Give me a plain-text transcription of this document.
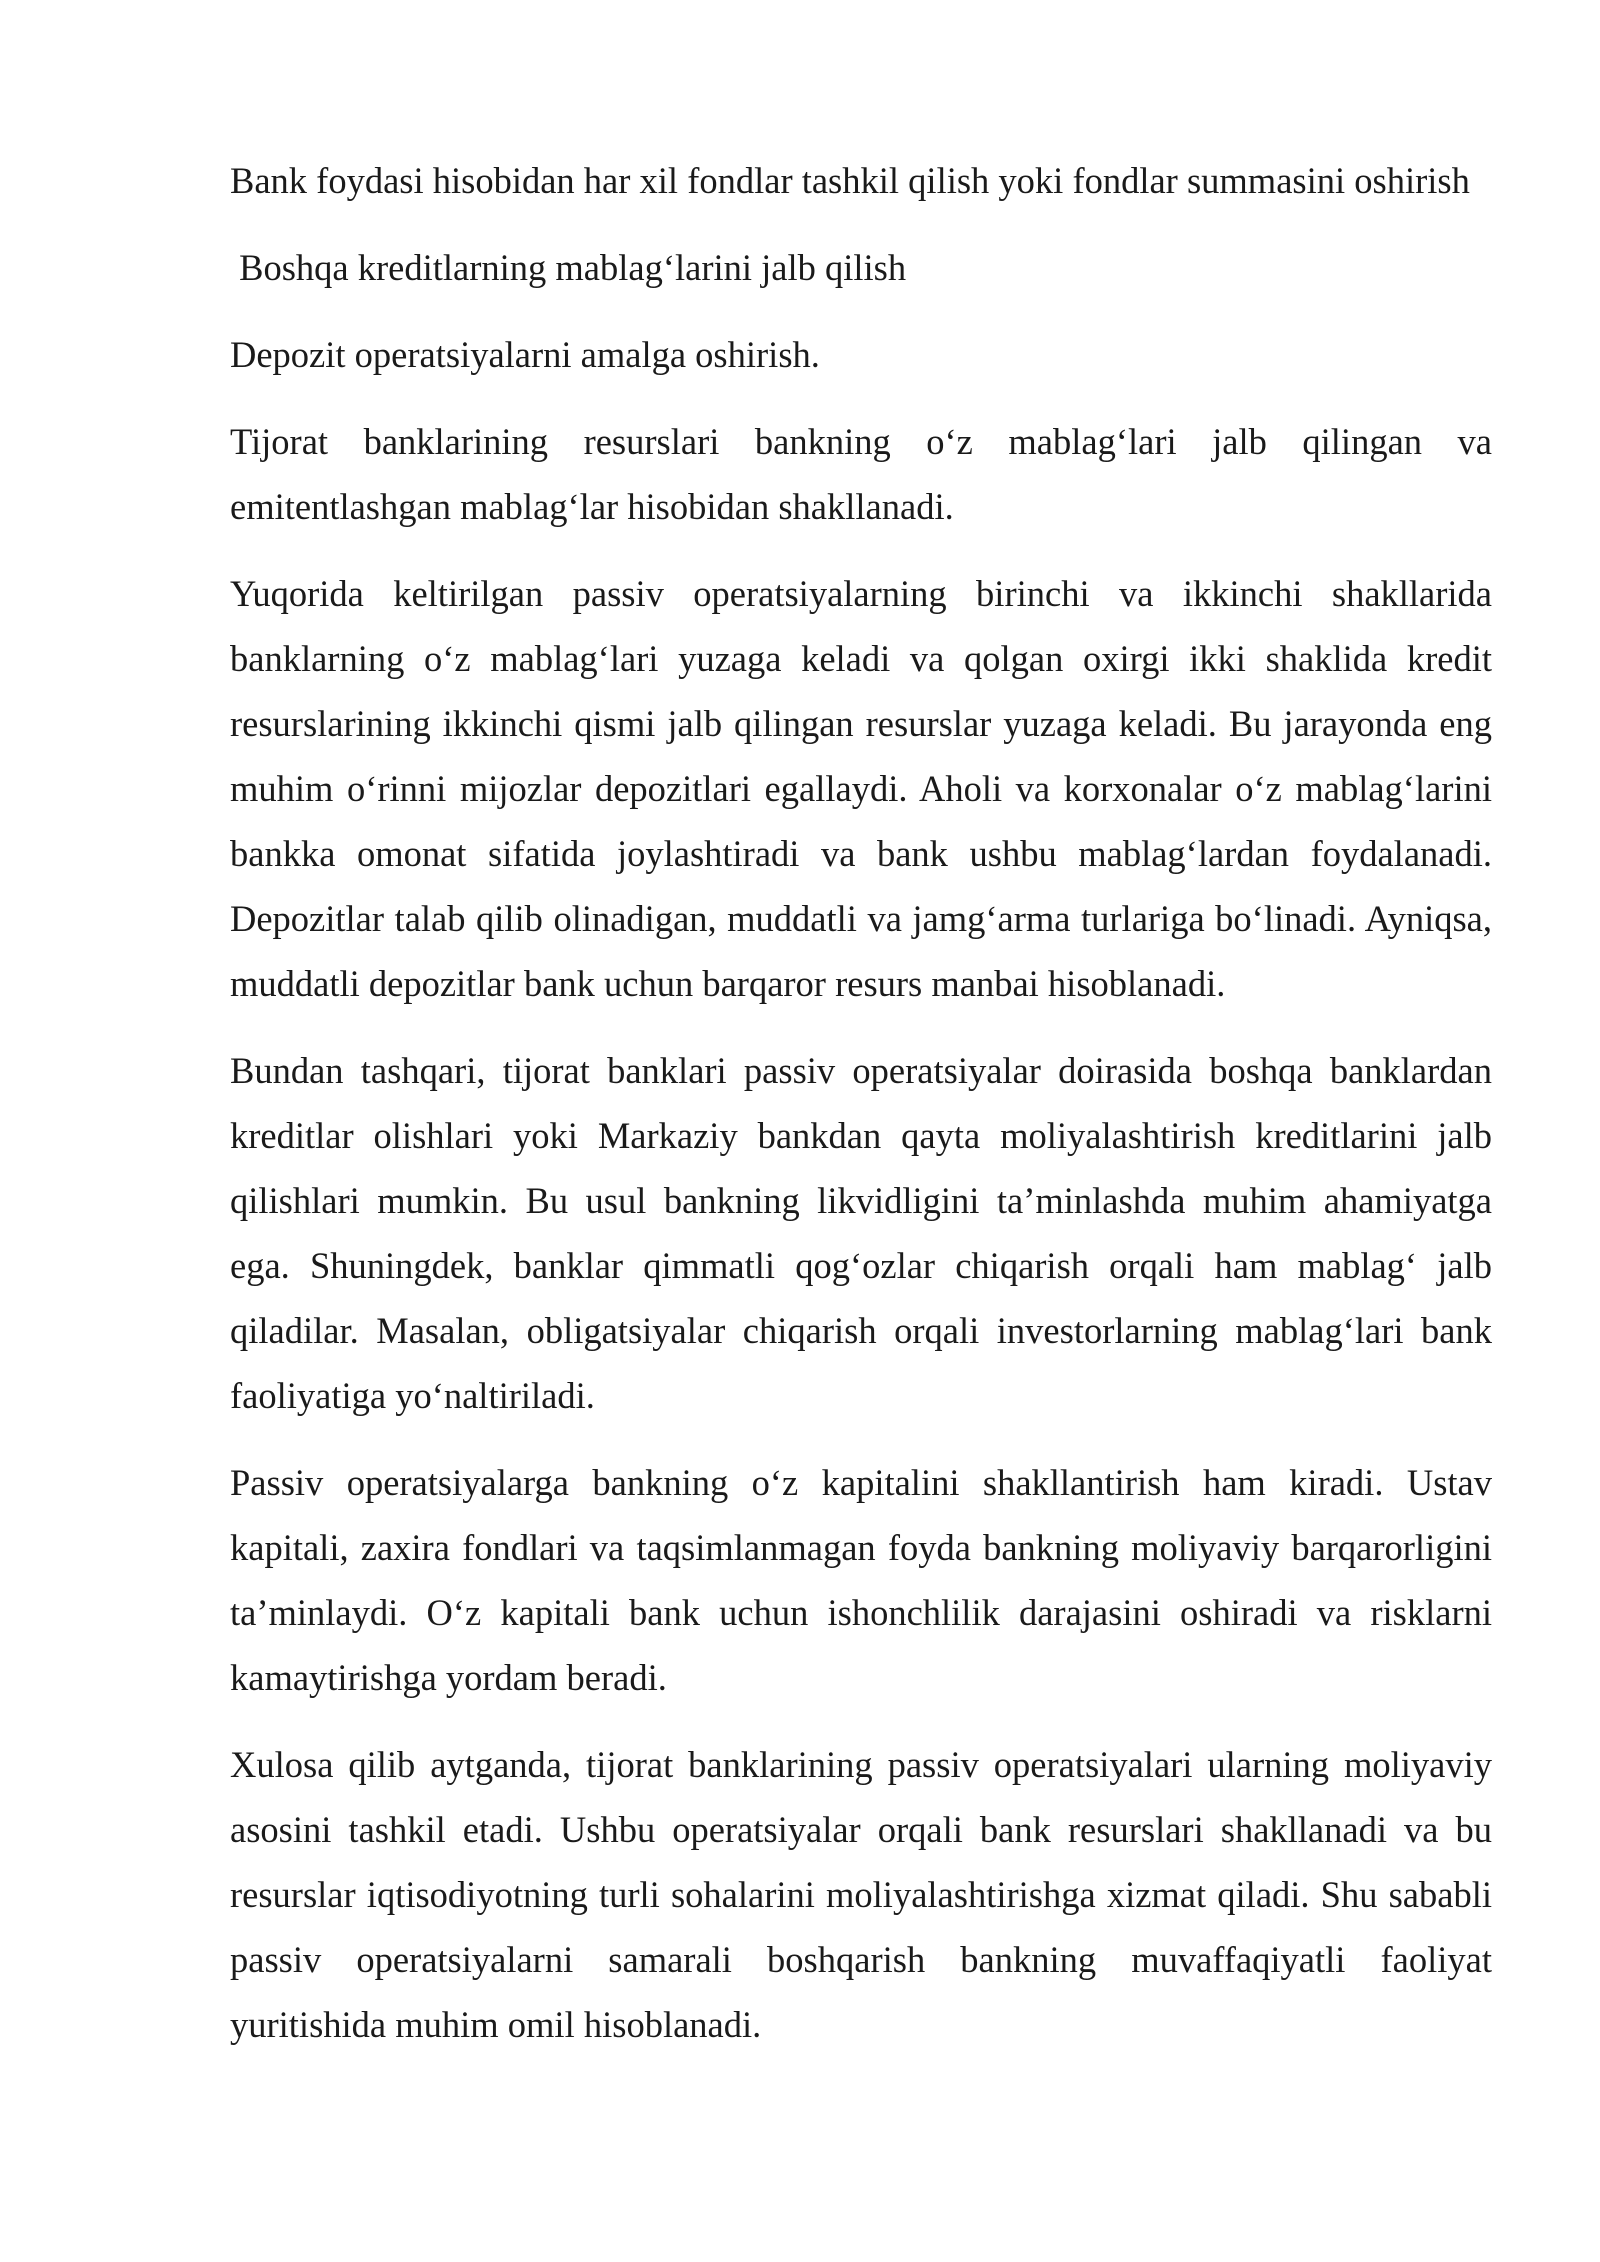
Bank foydasi hisobidan har xil fondlar tashkil qilish yoki fondlar summasini oshirish

Boshqa kreditlarning mablag‘larini jalb qilish

Depozit operatsiyalarni amalga oshirish.

Tijorat banklarining resurslari bankning o‘z mablag‘lari jalb qilingan va emitentlashgan mablag‘lar hisobidan shakllanadi.

Yuqorida keltirilgan passiv operatsiyalarning birinchi va ikkinchi shakllarida banklarning o‘z mablag‘lari yuzaga keladi va qolgan oxirgi ikki shaklida kredit resurslarining ikkinchi qismi jalb qilingan resurslar yuzaga keladi. Bu jarayonda eng muhim o‘rinni mijozlar depozitlari egallaydi. Aholi va korxonalar o‘z mablag‘larini bankka omonat sifatida joylashtiradi va bank ushbu mablag‘lardan foydalanadi. Depozitlar talab qilib olinadigan, muddatli va jamg‘arma turlariga bo‘linadi. Ayniqsa, muddatli depozitlar bank uchun barqaror resurs manbai hisoblanadi.

Bundan tashqari, tijorat banklari passiv operatsiyalar doirasida boshqa banklardan kreditlar olishlari yoki Markaziy bankdan qayta moliyalashtirish kreditlarini jalb qilishlari mumkin. Bu usul bankning likvidligini ta’minlashda muhim ahamiyatga ega. Shuningdek, banklar qimmatli qog‘ozlar chiqarish orqali ham mablag‘ jalb qiladilar. Masalan, obligatsiyalar chiqarish orqali investorlarning mablag‘lari bank faoliyatiga yo‘naltiriladi.

Passiv operatsiyalarga bankning o‘z kapitalini shakllantirish ham kiradi. Ustav kapitali, zaxira fondlari va taqsimlanmagan foyda bankning moliyaviy barqarorligini ta’minlaydi. O‘z kapitali bank uchun ishonchlilik darajasini oshiradi va risklarni kamaytirishga yordam beradi.

Xulosa qilib aytganda, tijorat banklarining passiv operatsiyalari ularning moliyaviy asosini tashkil etadi. Ushbu operatsiyalar orqali bank resurslari shakllanadi va bu resurslar iqtisodiyotning turli sohalarini moliyalashtirishga xizmat qiladi. Shu sababli passiv operatsiyalarni samarali boshqarish bankning muvaffaqiyatli faoliyat yuritishida muhim omil hisoblanadi.
